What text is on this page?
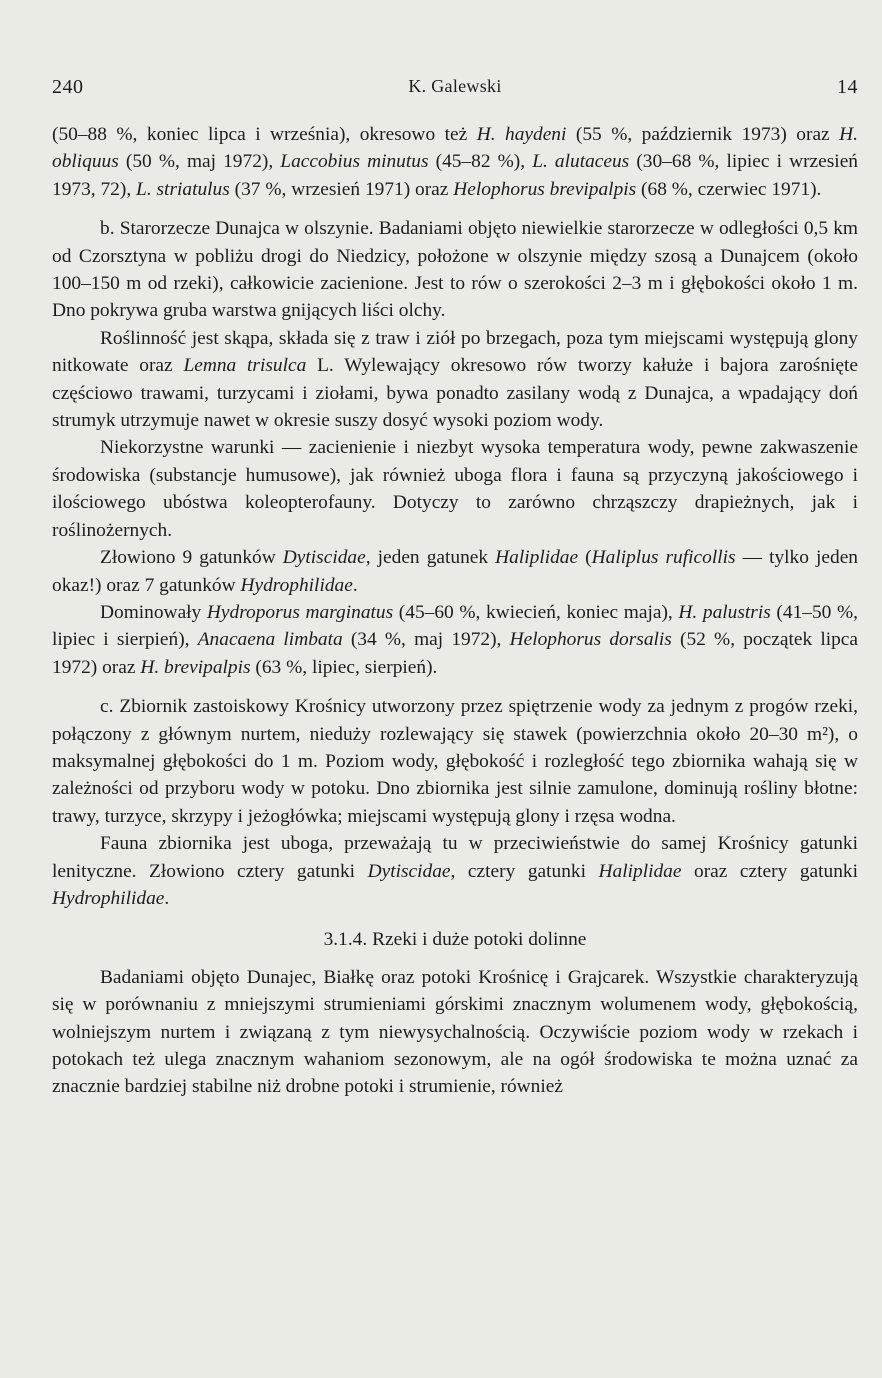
240	K. Galewski	14

(50–88 %, koniec lipca i września), okresowo też H. haydeni (55 %, październik 1973) oraz H. obliquus (50 %, maj 1972), Laccobius minutus (45–82 %), L. alutaceus (30–68 %, lipiec i wrzesień 1973, 72), L. striatulus (37 %, wrzesień 1971) oraz Helophorus brevipalpis (68 %, czerwiec 1971).

b. Starorzecze Dunajca w olszynie. Badaniami objęto niewielkie starorzecze w odległości 0,5 km od Czorsztyna w pobliżu drogi do Niedzicy, położone w olszynie między szosą a Dunajcem (około 100–150 m od rzeki), całkowicie zacienione. Jest to rów o szerokości 2–3 m i głębokości około 1 m. Dno pokrywa gruba warstwa gnijących liści olchy.

Roślinność jest skąpa, składa się z traw i ziół po brzegach, poza tym miejscami występują glony nitkowate oraz Lemna trisulca L. Wylewający okresowo rów tworzy kałuże i bajora zarośnięte częściowo trawami, turzycami i ziołami, bywa ponadto zasilany wodą z Dunajca, a wpadający doń strumyk utrzymuje nawet w okresie suszy dosyć wysoki poziom wody.

Niekorzystne warunki — zacienienie i niezbyt wysoka temperatura wody, pewne zakwaszenie środowiska (substancje humusowe), jak również uboga flora i fauna są przyczyną jakościowego i ilościowego ubóstwa koleopterofauny. Dotyczy to zarówno chrząszczy drapieżnych, jak i roślinożernych.

Złowiono 9 gatunków Dytiscidae, jeden gatunek Haliplidae (Haliplus ruficollis — tylko jeden okaz!) oraz 7 gatunków Hydrophilidae.

Dominowały Hydroporus marginatus (45–60 %, kwiecień, koniec maja), H. palustris (41–50 %, lipiec i sierpień), Anacaena limbata (34 %, maj 1972), Helophorus dorsalis (52 %, początek lipca 1972) oraz H. brevipalpis (63 %, lipiec, sierpień).

c. Zbiornik zastoiskowy Krośnicy utworzony przez spiętrzenie wody za jednym z progów rzeki, połączony z głównym nurtem, nieduży rozlewający się stawek (powierzchnia około 20–30 m²), o maksymalnej głębokości do 1 m. Poziom wody, głębokość i rozległość tego zbiornika wahają się w zależności od przyboru wody w potoku. Dno zbiornika jest silnie zamulone, dominują rośliny błotne: trawy, turzyce, skrzypy i jeżogłówka; miejscami występują glony i rzęsa wodna.

Fauna zbiornika jest uboga, przeważają tu w przeciwieństwie do samej Krośnicy gatunki lenityczne. Złowiono cztery gatunki Dytiscidae, cztery gatunki Haliplidae oraz cztery gatunki Hydrophilidae.

3.1.4. Rzeki i duże potoki dolinne

Badaniami objęto Dunajec, Białkę oraz potoki Krośnicę i Grajcarek. Wszystkie charakteryzują się w porównaniu z mniejszymi strumieniami górskimi znacznym wolumenem wody, głębokością, wolniejszym nurtem i związaną z tym niewysychalnością. Oczywiście poziom wody w rzekach i potokach też ulega znacznym wahaniom sezonowym, ale na ogół środowiska te można uznać za znacznie bardziej stabilne niż drobne potoki i strumienie, również
